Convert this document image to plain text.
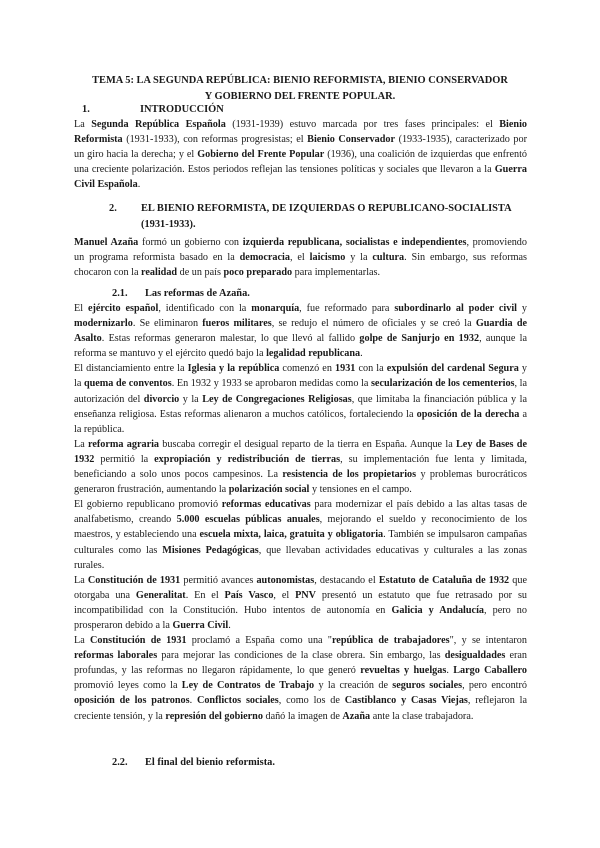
TEMA 5: LA SEGUNDA REPÚBLICA: BIENIO REFORMISTA, BIENIO CONSERVADOR
Y GOBIERNO DEL FRENTE POPULAR.
1.	INTRODUCCIÓN
La Segunda República Española (1931-1939) estuvo marcada por tres fases principales: el Bienio Reformista (1931-1933), con reformas progresistas; el Bienio Conservador (1933-1935), caracterizado por un giro hacia la derecha; y el Gobierno del Frente Popular (1936), una coalición de izquierdas que enfrentó una creciente polarización. Estos periodos reflejan las tensiones políticas y sociales que llevaron a la Guerra Civil Española.
2. EL BIENIO REFORMISTA, DE IZQUIERDAS O REPUBLICANO-SOCIALISTA
(1931-1933).
Manuel Azaña formó un gobierno con izquierda republicana, socialistas e independientes, promoviendo un programa reformista basado en la democracia, el laicismo y la cultura. Sin embargo, sus reformas chocaron con la realidad de un país poco preparado para implementarlas.
2.1. Las reformas de Azaña.
El ejército español, identificado con la monarquía, fue reformado para subordinarlo al poder civil y modernizarlo. Se eliminaron fueros militares, se redujo el número de oficiales y se creó la Guardia de Asalto. Estas reformas generaron malestar, lo que llevó al fallido golpe de Sanjurjo en 1932, aunque la reforma se mantuvo y el ejército quedó bajo la legalidad republicana.
El distanciamiento entre la Iglesia y la república comenzó en 1931 con la expulsión del cardenal Segura y la quema de conventos. En 1932 y 1933 se aprobaron medidas como la secularización de los cementerios, la autorización del divorcio y la Ley de Congregaciones Religiosas, que limitaba la financiación pública y la enseñanza religiosa. Estas reformas alienaron a muchos católicos, fortaleciendo la oposición de la derecha a la república.
La reforma agraria buscaba corregir el desigual reparto de la tierra en España. Aunque la Ley de Bases de 1932 permitió la expropiación y redistribución de tierras, su implementación fue lenta y limitada, beneficiando a solo unos pocos campesinos. La resistencia de los propietarios y problemas burocráticos generaron frustración, aumentando la polarización social y tensiones en el campo.
El gobierno republicano promovió reformas educativas para modernizar el país debido a las altas tasas de analfabetismo, creando 5.000 escuelas públicas anuales, mejorando el sueldo y reconocimiento de los maestros, y estableciendo una escuela mixta, laica, gratuita y obligatoria. También se impulsaron campañas culturales como las Misiones Pedagógicas, que llevaban actividades educativas y culturales a las zonas rurales.
La Constitución de 1931 permitió avances autonomistas, destacando el Estatuto de Cataluña de 1932 que otorgaba una Generalitat. En el País Vasco, el PNV presentó un estatuto que fue retrasado por su incompatibilidad con la Constitución. Hubo intentos de autonomía en Galicia y Andalucía, pero no prosperaron debido a la Guerra Civil.
La Constitución de 1931 proclamó a España como una "república de trabajadores", y se intentaron reformas laborales para mejorar las condiciones de la clase obrera. Sin embargo, las desigualdades eran profundas, y las reformas no llegaron rápidamente, lo que generó revueltas y huelgas. Largo Caballero promovió leyes como la Ley de Contratos de Trabajo y la creación de seguros sociales, pero encontró oposición de los patronos. Conflictos sociales, como los de Castiblanco y Casas Viejas, reflejaron la creciente tensión, y la represión del gobierno dañó la imagen de Azaña ante la clase trabajadora.
2.2. El final del bienio reformista.
